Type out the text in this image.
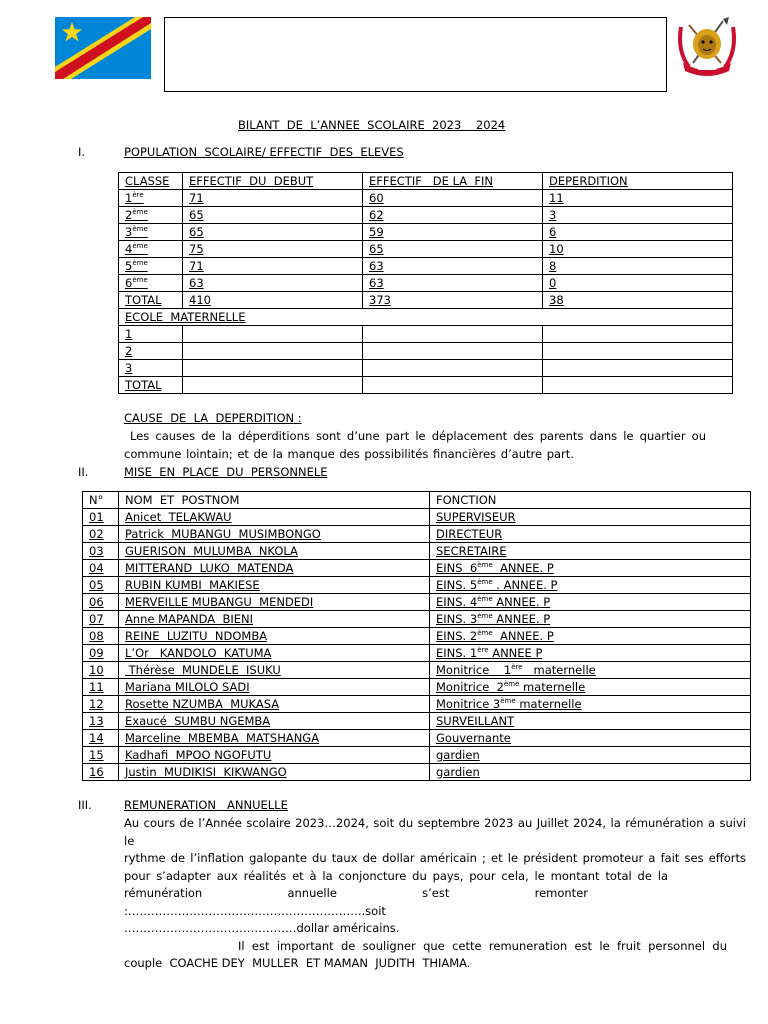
BILANT  DE  L’ANNEE  SCOLAIRE  2023    2024
I.	POPULATION  SCOLAIRE/ EFFECTIF  DES  ELEVES
CLASSE	EFFECTIF  DU  DEBUT	EFFECTIF   DE LA  FIN	DEPERDITION
1ère	71	60	11
2ème	65	62	3
3ème	65	59	6
4ème	75	65	10
5ème	71	63	8
6ème	63	63	0
TOTAL	410	373	38
ECOLE  MATERNELLE			
1			
2			
3			
TOTAL			
CAUSE  DE  LA  DEPERDITION :
Les causes de la déperditions sont d’une part le déplacement des parents dans le quartier ou
commune lointain; et de la manque des possibilités financières d’autre part.
II.	MISE  EN  PLACE  DU  PERSONNELE
N°	NOM  ET  POSTNOM	FONCTION
01	Anicet  TELAKWAU	SUPERVISEUR
02	Patrick  MUBANGU  MUSIMBONGO	DIRECTEUR
03	GUERISON  MULUMBA  NKOLA	SECRETAIRE
04	MITTERAND  LUKO  MATENDA	EINS  6ème  ANNEE. P
05	RUBIN KUMBI  MAKIESE	EINS. 5ème . ANNEE. P
06	MERVEILLE MUBANGU  MENDEDI	EINS. 4ème ANNEE. P
07	Anne MAPANDA  BIENI	EINS. 3ème ANNEE. P
08	REINE  LUZITU  NDOMBA	EINS. 2ème  ANNEE. P
09	L’Or   KANDOLO  KATUMA	EINS. 1ère ANNEE P
10	Thérèse  MUNDELE  ISUKU	Monitrice    1ère   maternelle
11	Mariana MILOLO SADI	Monitrice  2ème maternelle
12	Rosette NZUMBA  MUKASA	Monitrice 3ème maternelle
13	Exaucé  SUMBU NGEMBA	SURVEILLANT
14	Marceline  MBEMBA  MATSHANGA	Gouvernante
15	Kadhafi  MPOO NGOFUTU	gardien
16	Justin  MUDIKISI  KIKWANGO	gardien
III.	REMUNERATION   ANNUELLE
Au cours de l’Année scolaire 2023…2024, soit du septembre 2023 au Juillet 2024, la rémunération a suivi le
rythme de l’inflation galopante du taux de dollar américain ; et le président promoteur a fait ses efforts
pour s’adapter aux réalités et à la conjoncture du pays, pour cela, le montant total de la
rémunération annuelle s’est remonter :……………………………………………………..soit
………………………………………dollar américains.
Il est important de souligner que cette remuneration est le fruit personnel du
couple  COACHE DEY  MULLER  ET MAMAN  JUDITH  THIAMA.
